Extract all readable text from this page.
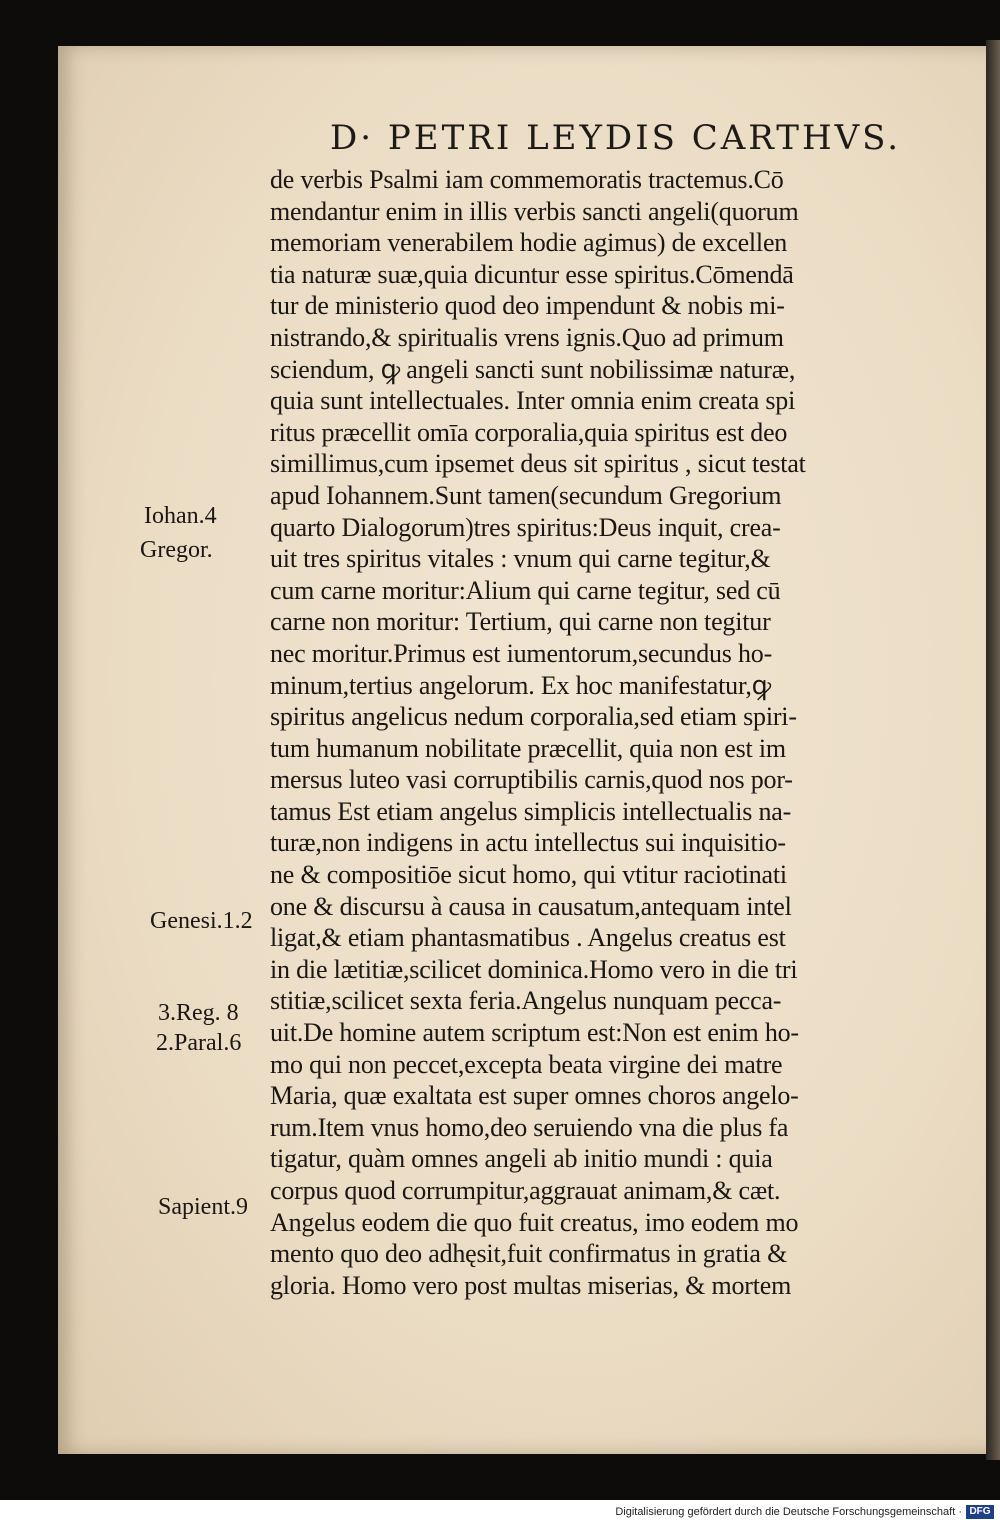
D· PETRI LEYDIS CARTHVS.
de verbis Psalmi iam commemoratis tractemus.Cō
mendantur enim in illis verbis sancti angeli(quorum
memoriam venerabilem hodie agimus) de excellen
tia naturæ suæ,quia dicuntur esse spiritus.Cōmendā
tur de ministerio quod deo impendunt & nobis mi-
nistrando,& spiritualis vrens ignis.Quo ad primum
sciendum, ꝙ angeli sancti sunt nobilissimæ naturæ,
quia sunt intellectuales. Inter omnia enim creata spi
ritus præcellit omīa corporalia,quia spiritus est deo
simillimus,cum ipsemet deus sit spiritus , sicut testat
apud Iohannem.Sunt tamen(secundum Gregorium
quarto Dialogorum)tres spiritus:Deus inquit, crea-
uit tres spiritus vitales : vnum qui carne tegitur,&
cum carne moritur:Alium qui carne tegitur, sed cū
carne non moritur: Tertium, qui carne non tegitur
nec moritur.Primus est iumentorum,secundus ho-
minum,tertius angelorum. Ex hoc manifestatur,ꝙ
spiritus angelicus nedum corporalia,sed etiam spiri-
tum humanum nobilitate præcellit, quia non est im
mersus luteo vasi corruptibilis carnis,quod nos por-
tamus Est etiam angelus simplicis intellectualis na-
turæ,non indigens in actu intellectus sui inquisitio-
ne & compositiōe sicut homo, qui vtitur raciotinati
one & discursu à causa in causatum,antequam intel
ligat,& etiam phantasmatibus . Angelus creatus est
in die lætitiæ,scilicet dominica.Homo vero in die tri
stitiæ,scilicet sexta feria.Angelus nunquam pecca-
uit.De homine autem scriptum est:Non est enim ho-
mo qui non peccet,excepta beata virgine dei matre
Maria, quæ exaltata est super omnes choros angelo-
rum.Item vnus homo,deo seruiendo vna die plus fa
tigatur, quàm omnes angeli ab initio mundi : quia
corpus quod corrumpitur,aggrauat animam,& cæt.
Angelus eodem die quo fuit creatus, imo eodem mo
mento quo deo adhęsit,fuit confirmatus in gratia &
gloria. Homo vero post multas miserias, & mortem
Iohan.4
Gregor.
Genesi.1.2
3.Reg. 8
2.Paral.6
Sapient.9
Digitalisierung gefördert durch die Deutsche Forschungsgemeinschaft · DFG
